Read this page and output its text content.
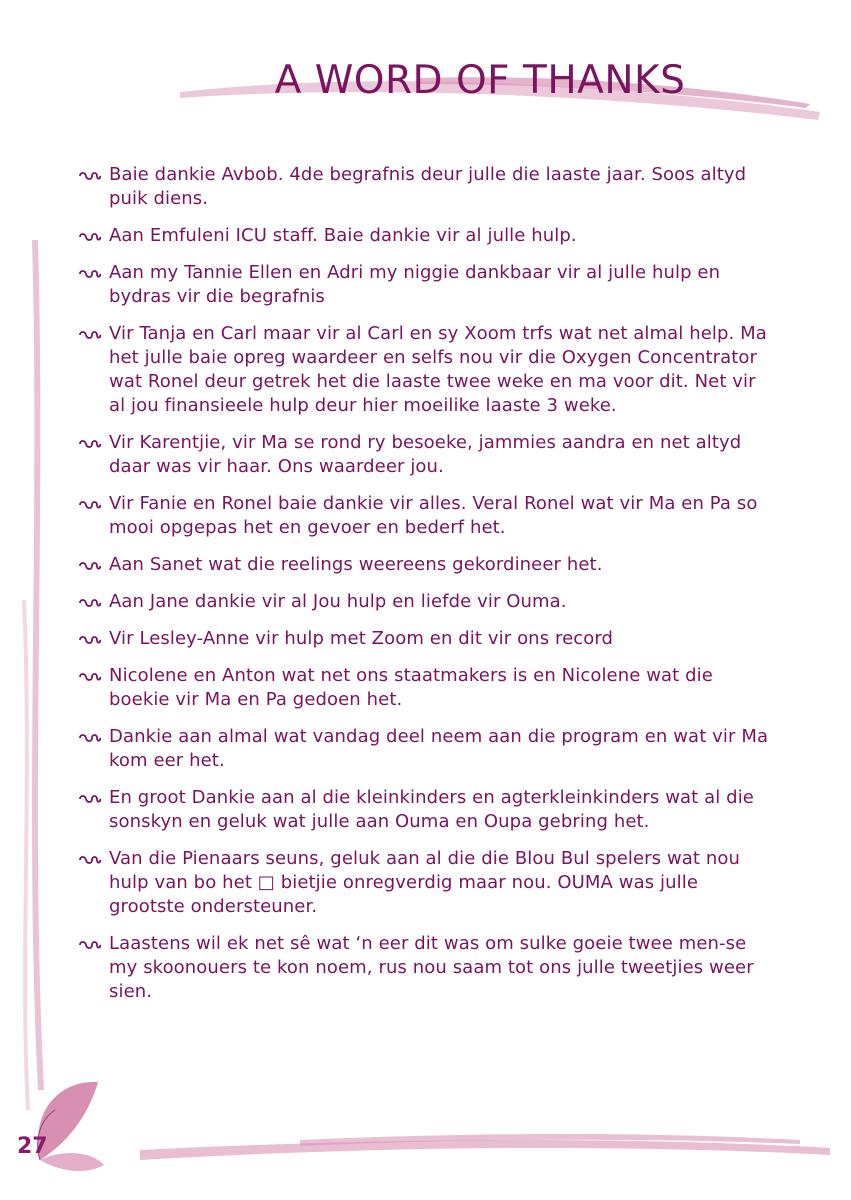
A WORD OF THANKS
Baie dankie Avbob. 4de begrafnis deur julle die laaste jaar. Soos altyd puik diens.
Aan Emfuleni ICU staff. Baie dankie vir al julle hulp.
Aan my Tannie Ellen en Adri my niggie dankbaar vir al julle hulp en bydras vir die begrafnis
Vir Tanja en Carl maar vir al Carl en sy Xoom trfs wat net almal help. Ma het julle baie opreg waardeer en selfs nou vir die Oxygen Concentrator wat Ronel deur getrek het die laaste twee weke en ma voor dit. Net vir al jou finansieele hulp deur hier moeilike laaste 3 weke.
Vir Karentjie, vir Ma se rond ry besoeke, jammies aandra en net altyd daar was vir haar. Ons waardeer jou.
Vir Fanie en Ronel baie dankie vir alles. Veral Ronel wat vir Ma en Pa so mooi opgepas het en gevoer en bederf het.
Aan Sanet wat die reelings weereens gekordineer het.
Aan Jane dankie vir al Jou hulp en liefde vir Ouma.
Vir Lesley-Anne vir hulp met Zoom en dit vir ons record
Nicolene en Anton wat net ons staatmakers is en Nicolene wat die boekie vir Ma en Pa gedoen het.
Dankie aan almal wat vandag deel neem aan die program en wat vir Ma kom eer het.
En groot Dankie aan al die kleinkinders en agterkleinkinders wat al die sonskyn en geluk wat julle aan Ouma en Oupa gebring het.
Van die Pienaars seuns, geluk aan al die die Blou Bul spelers wat nou hulp van bo het □ bietjie onregverdig maar nou. OUMA was julle grootste ondersteuner.
Laastens wil ek net sê wat ‘n eer dit was om sulke goeie twee men-se my skoonouers te kon noem, rus nou saam tot ons julle tweetjies weer sien.
27
